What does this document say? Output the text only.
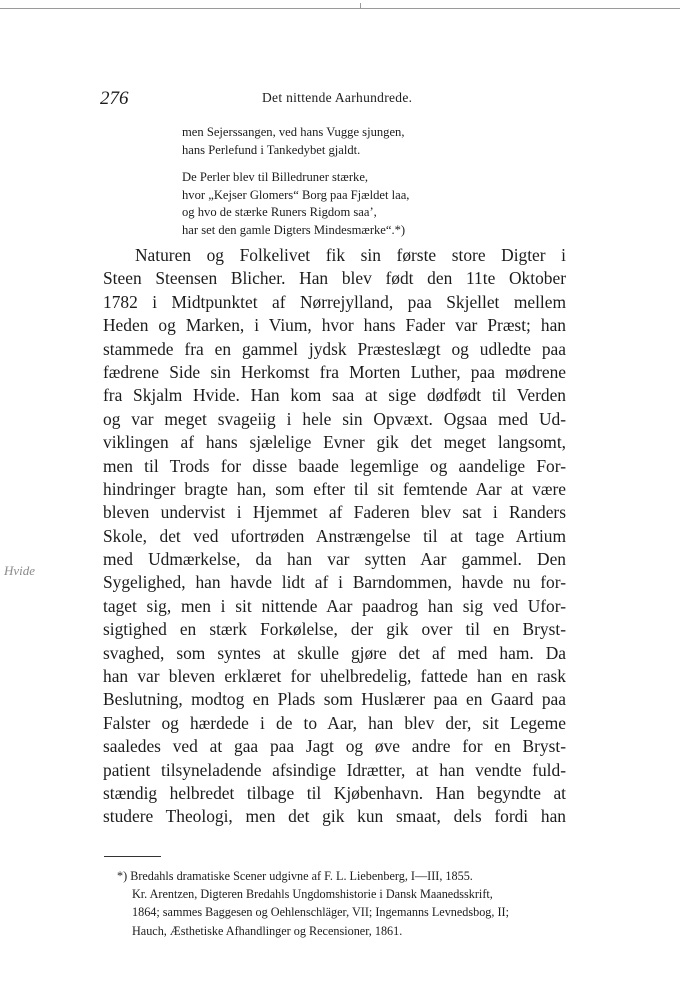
276	Det nittende Aarhundrede.
men Sejerssangen, ved hans Vugge sjungen,
hans Perlefund i Tankedybet gjaldt.
De Perler blev til Billedruner stærke,
hvor „Kejser Glomers“ Borg paa Fjældet laa,
og hvo de stærke Runers Rigdom saa’,
har set den gamle Digters Mindesmærke“.*)
Naturen og Folkelivet fik sin første store Digter i
Steen Steensen Blicher. Han blev født den 11te Oktober
1782 i Midtpunktet af Nørrejylland, paa Skjellet mellem
Heden og Marken, i Vium, hvor hans Fader var Præst; han
stammede fra en gammel jydsk Præsteslægt og udledte paa
fædrene Side sin Herkomst fra Morten Luther, paa mødrene
fra Skjalm Hvide. Han kom saa at sige dødfødt til Verden
og var meget svageiig i hele sin Opvæxt. Ogsaa med Ud-
viklingen af hans sjælelige Evner gik det meget langsomt,
men til Trods for disse baade legemlige og aandelige For-
hindringer bragte han, som efter til sit femtende Aar at være
bleven undervist i Hjemmet af Faderen blev sat i Randers
Skole, det ved ufortrøden Anstrængelse til at tage Artium
med Udmærkelse, da han var sytten Aar gammel. Den
Sygelighed, han havde lidt af i Barndommen, havde nu for-
taget sig, men i sit nittende Aar paadrog han sig ved Ufor-
sigtighed en stærk Forkølelse, der gik over til en Bryst-
svaghed, som syntes at skulle gjøre det af med ham. Da
han var bleven erklæret for uhelbredelig, fattede han en rask
Beslutning, modtog en Plads som Huslærer paa en Gaard paa
Falster og hærdede i de to Aar, han blev der, sit Legeme
saaledes ved at gaa paa Jagt og øve andre for en Bryst-
patient tilsyneladende afsindige Idrætter, at han vendte fuld-
stændig helbredet tilbage til Kjøbenhavn. Han begyndte at
studere Theologi, men det gik kun smaat, dels fordi han
Hvide
*) Bredahls dramatiske Scener udgivne af F. L. Liebenberg, I—III, 1855.
Kr. Arentzen, Digteren Bredahls Ungdomshistorie i Dansk Maanedsskrift,
1864; sammes Baggesen og Oehlenschläger, VII; Ingemanns Levnedsbog, II;
Hauch, Æsthetiske Afhandlinger og Recensioner, 1861.
